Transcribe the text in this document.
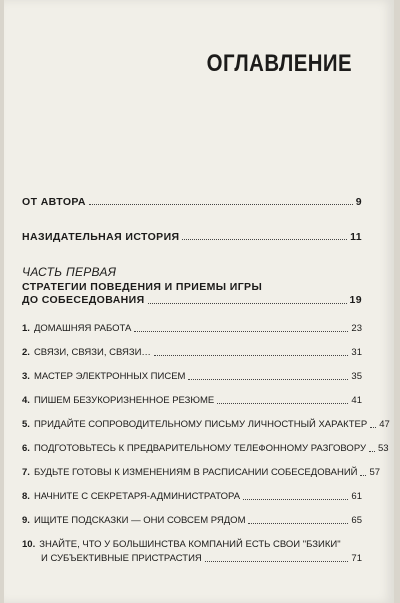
ОГЛАВЛЕНИЕ
ОТ АВТОРА	9
НАЗИДАТЕЛЬНАЯ ИСТОРИЯ	11
ЧАСТЬ ПЕРВАЯ
СТРАТЕГИИ ПОВЕДЕНИЯ И ПРИЕМЫ ИГРЫ
ДО СОБЕСЕДОВАНИЯ	19
1. ДОМАШНЯЯ РАБОТА	23
2. СВЯЗИ, СВЯЗИ, СВЯЗИ…	31
3. МАСТЕР ЭЛЕКТРОННЫХ ПИСЕМ	35
4. ПИШЕМ БЕЗУКОРИЗНЕННОЕ РЕЗЮМЕ	41
5. ПРИДАЙТЕ СОПРОВОДИТЕЛЬНОМУ ПИСЬМУ ЛИЧНОСТНЫЙ ХАРАКТЕР 47
6. ПОДГОТОВЬТЕСЬ К ПРЕДВАРИТЕЛЬНОМУ ТЕЛЕФОННОМУ РАЗГОВОРУ 53
7. БУДЬТЕ ГОТОВЫ К ИЗМЕНЕНИЯМ В РАСПИСАНИИ СОБЕСЕДОВАНИЙ 57
8. НАЧНИТЕ С СЕКРЕТАРЯ-АДМИНИСТРАТОРА	61
9. ИЩИТЕ ПОДСКАЗКИ — ОНИ СОВСЕМ РЯДОМ	65
10. ЗНАЙТЕ, ЧТО У БОЛЬШИНСТВА КОМПАНИЙ ЕСТЬ СВОИ "БЗИКИ"
И СУБЪЕКТИВНЫЕ ПРИСТРАСТИЯ	71
